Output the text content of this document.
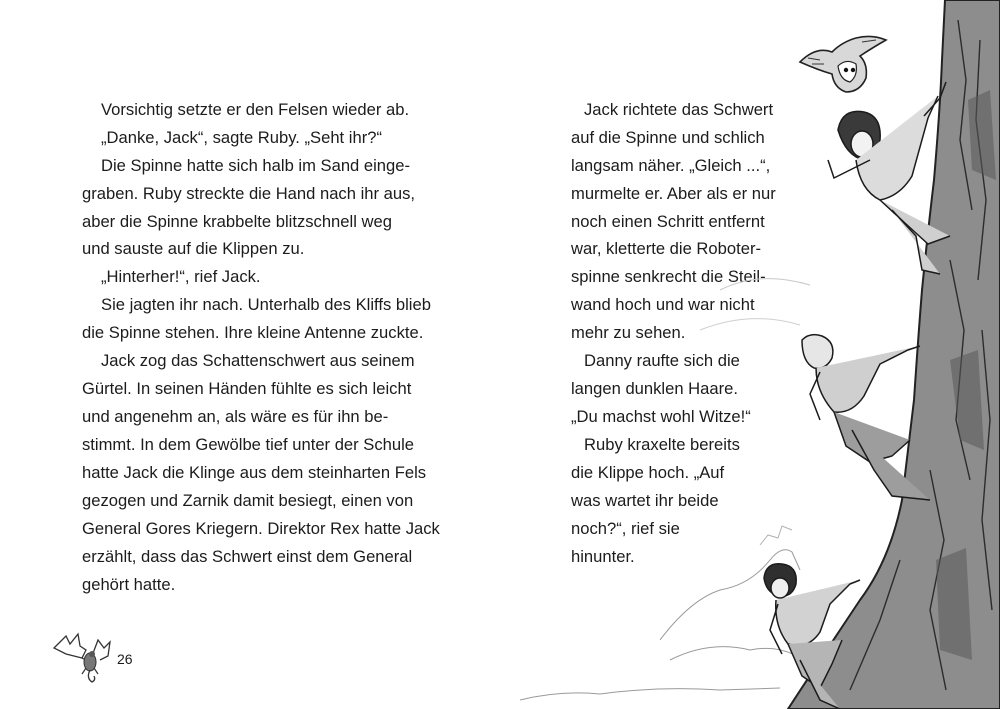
Vorsichtig setzte er den Felsen wieder ab.
„Danke, Jack“, sagte Ruby. „Seht ihr?“
Die Spinne hatte sich halb im Sand einge-
graben. Ruby streckte die Hand nach ihr aus,
aber die Spinne krabbelte blitzschnell weg
und sauste auf die Klippen zu.
„Hinterher!“, rief Jack.
Sie jagten ihr nach. Unterhalb des Kliffs blieb
die Spinne stehen. Ihre kleine Antenne zuckte.
Jack zog das Schattenschwert aus seinem
Gürtel. In seinen Händen fühlte es sich leicht
und angenehm an, als wäre es für ihn be-
stimmt. In dem Gewölbe tief unter der Schule
hatte Jack die Klinge aus dem steinharten Fels
gezogen und Zarnik damit besiegt, einen von
General Gores Kriegern. Direktor Rex hatte Jack
erzählt, dass das Schwert einst dem General
gehört hatte.
26
Jack richtete das Schwert
auf die Spinne und schlich
langsam näher. „Gleich ...“,
murmelte er. Aber als er nur
noch einen Schritt entfernt
war, kletterte die Roboter-
spinne senkrecht die Steil-
wand hoch und war nicht
mehr zu sehen.
Danny raufte sich die
langen dunklen Haare.
„Du machst wohl Witze!“
Ruby kraxelte bereits
die Klippe hoch. „Auf
was wartet ihr beide
noch?“, rief sie
hinunter.
